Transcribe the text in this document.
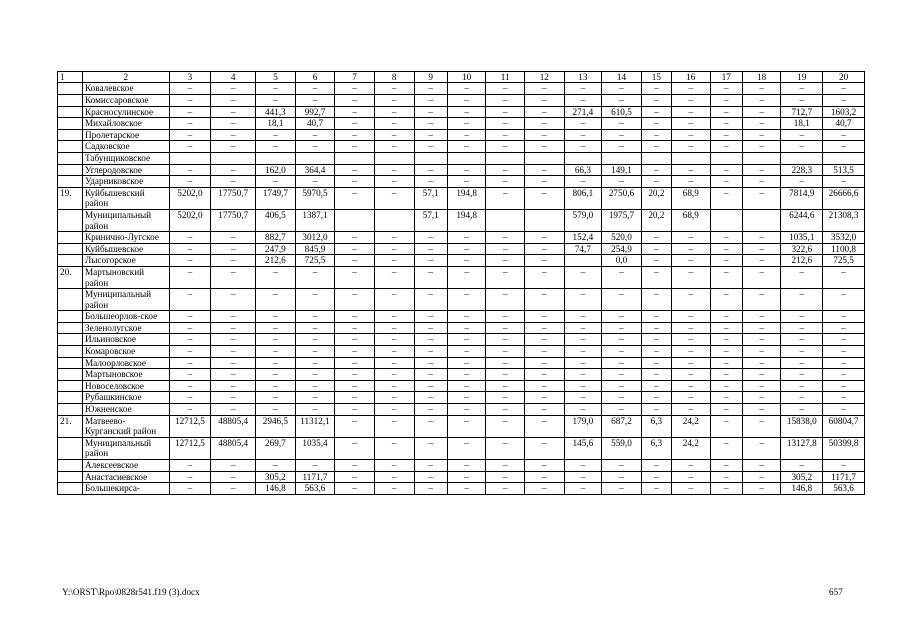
1	2	3	4	5	6	7	8	9	10	11	12	13	14	15	16	17	18	19	20
	Ковалевское	–	–	–	–	–	–	–	–	–	–	–	–	–	–	–	–	–	–
	Комиссаровское	–	–	–	–	–	–	–	–	–	–	–	–	–	–	–	–	–	–
	Красносулинское	–	–	441,3	992,7	–	–	–	–	–	–	271,4	610,5	–	–	–	–	712,7	1603,2
	Михайловское	–	–	18,1	40,7	–	–	–	–	–	–	–	–	–	–	–	–	18,1	40,7
	Пролетарское	–	–	–	–	–	–	–	–	–	–	–	–	–	–	–	–	–	–
	Садковское	–	–	–	–	–	–	–	–	–	–	–	–	–	–	–	–	–	–
	Табунщиковское																		
	Углеродовское	–	–	162,0	364,4	–	–	–	–	–	–	66,3	149,1	–	–	–	–	228,3	513,5
	Ударниковское	–	–	–	–	–	–	–	–	–	–	–	–	–	–	–	–	–	–
19.	Куйбышевский район	5202,0	17750,7	1749,7	5970,5	–	–	57,1	194,8	–	–	806,1	2750,6	20,2	68,9	–	–	7814,9	26666,6
	Муниципальный район	5202,0	17750,7	406,5	1387,1			57,1	194,8			579,0	1975,7	20,2	68,9			6244,6	21308,3
	Криничнo-Лугское	–	–	882,7	3012,0	–	–	–	–	–	–	152,4	520,0	–	–	–	–	1035,1	3532,0
	Куйбышевское	–	–	247,9	845,9	–	–	–	–	–	–	74,7	254,9	–	–	–	–	322,6	1100,8
	Лысогорское	–	–	212,6	725,5	–	–	–	–	–	–		0,0	–	–	–	–	212,6	725,5
20.	Мартыновский район	–	–	–	–	–	–	–	–	–	–	–	–	–	–	–	–	–	–
	Муниципальный район	–	–	–	–	–	–	–	–	–	–	–	–	–	–	–	–	–	–
	Большеорлов-ское	–	–	–	–	–	–	–	–	–	–	–	–	–	–	–	–	–	–
	Зеленолугское	–	–	–	–	–	–	–	–	–	–	–	–	–	–	–	–	–	–
	Ильиновское	–	–	–	–	–	–	–	–	–	–	–	–	–	–	–	–	–	–
	Комаровское	–	–	–	–	–	–	–	–	–	–	–	–	–	–	–	–	–	–
	Малоорловское	–	–	–	–	–	–	–	–	–	–	–	–	–	–	–	–	–	–
	Мартыновское	–	–	–	–	–	–	–	–	–	–	–	–	–	–	–	–	–	–
	Новоселовское	–	–	–	–	–	–	–	–	–	–	–	–	–	–	–	–	–	–
	Рубашкинское	–	–	–	–	–	–	–	–	–	–	–	–	–	–	–	–	–	–
	Южненское	–	–	–	–	–	–	–	–	–	–	–	–	–	–	–	–	–	–
21.	Матвеево-Курганский район	12712,5	48805,4	2946,5	11312,1	–	–	–	–	–	–	179,0	687,2	6,3	24,2	–	–	15838,0	60804,7
	Муниципальный район	12712,5	48805,4	269,7	1035,4	–	–	–	–	–	–	145,6	559,0	6,3	24,2	–	–	13127,8	50399,8
	Алексеевское	–	–	–	–	–	–	–	–	–	–	–	–	–	–	–	–	–	–
	Анастасиевское	–	–	305,2	1171,7	–	–	–	–	–	–	–	–	–	–	–	–	305,2	1171,7
	Большекирса-	–	–	146,8	563,6	–	–	–	–	–	–	–	–	–	–	–	–	146,8	563,6
Y:\ORST\Rpo\0828r541.f19 (3).docx	657
